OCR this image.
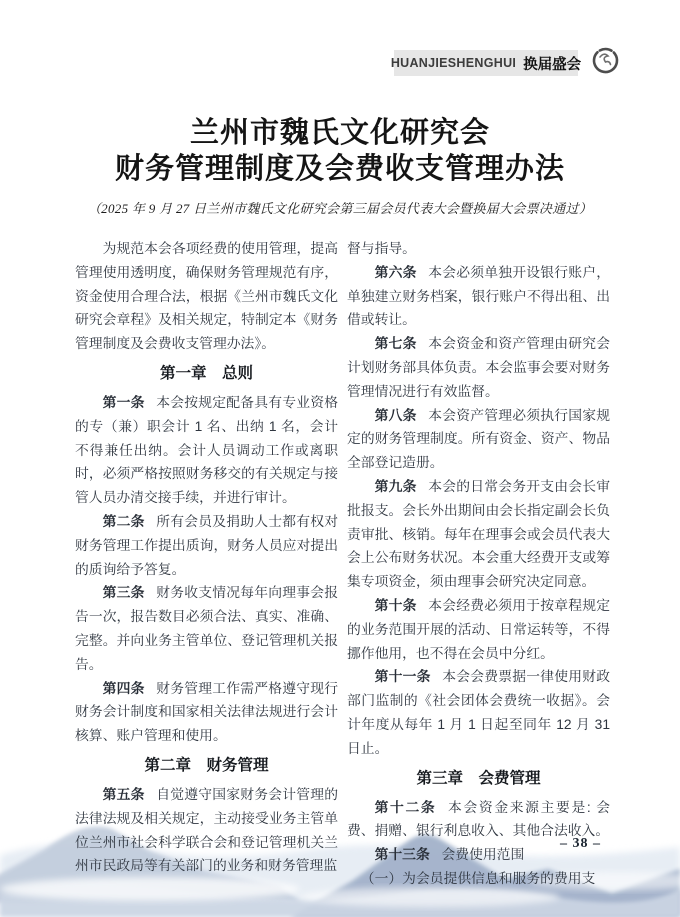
HUANJIESHENGHUI 换届盛会
兰州市魏氏文化研究会
财务管理制度及会费收支管理办法
（2025 年 9 月 27 日兰州市魏氏文化研究会第三届会员代表大会暨换届大会票决通过）

为规范本会各项经费的使用管理，提高管理使用透明度，确保财务管理规范有序，资金使用合理合法，根据《兰州市魏氏文化研究会章程》及相关规定，特制定本《财务管理制度及会费收支管理办法》。

第一章　总则

第一条 本会按规定配备具有专业资格的专（兼）职会计 1 名、出纳 1 名，会计不得兼任出纳。会计人员调动工作或离职时，必须严格按照财务移交的有关规定与接管人员办清交接手续，并进行审计。

第二条 所有会员及捐助人士都有权对财务管理工作提出质询，财务人员应对提出的质询给予答复。

第三条 财务收支情况每年向理事会报告一次，报告数目必须合法、真实、准确、完整。并向业务主管单位、登记管理机关报告。

第四条 财务管理工作需严格遵守现行财务会计制度和国家相关法律法规进行会计核算、账户管理和使用。

第二章　财务管理

第五条 自觉遵守国家财务会计管理的法律法规及相关规定，主动接受业务主管单位兰州市社会科学联合会和登记管理机关兰州市民政局等有关部门的业务和财务管理监

督与指导。

第六条 本会必须单独开设银行账户，单独建立财务档案，银行账户不得出租、出借或转让。

第七条 本会资金和资产管理由研究会计划财务部具体负责。本会监事会要对财务管理情况进行有效监督。

第八条 本会资产管理必须执行国家规定的财务管理制度。所有资金、资产、物品全部登记造册。

第九条 本会的日常会务开支由会长审批报支。会长外出期间由会长指定副会长负责审批、核销。每年在理事会或会员代表大会上公布财务状况。本会重大经费开支或筹集专项资金，须由理事会研究决定同意。

第十条 本会经费必须用于按章程规定的业务范围开展的活动、日常运转等，不得挪作他用，也不得在会员中分红。

第十一条 本会会费票据一律使用财政部门监制的《社会团体会费统一收据》。会计年度从每年 1 月 1 日起至同年 12 月 31 日止。

第三章　会费管理

第十二条 本会资金来源主要是: 会费、捐赠、银行利息收入、其他合法收入。

第十三条 会费使用范围

（一）为会员提供信息和服务的费用支

– 38 –
